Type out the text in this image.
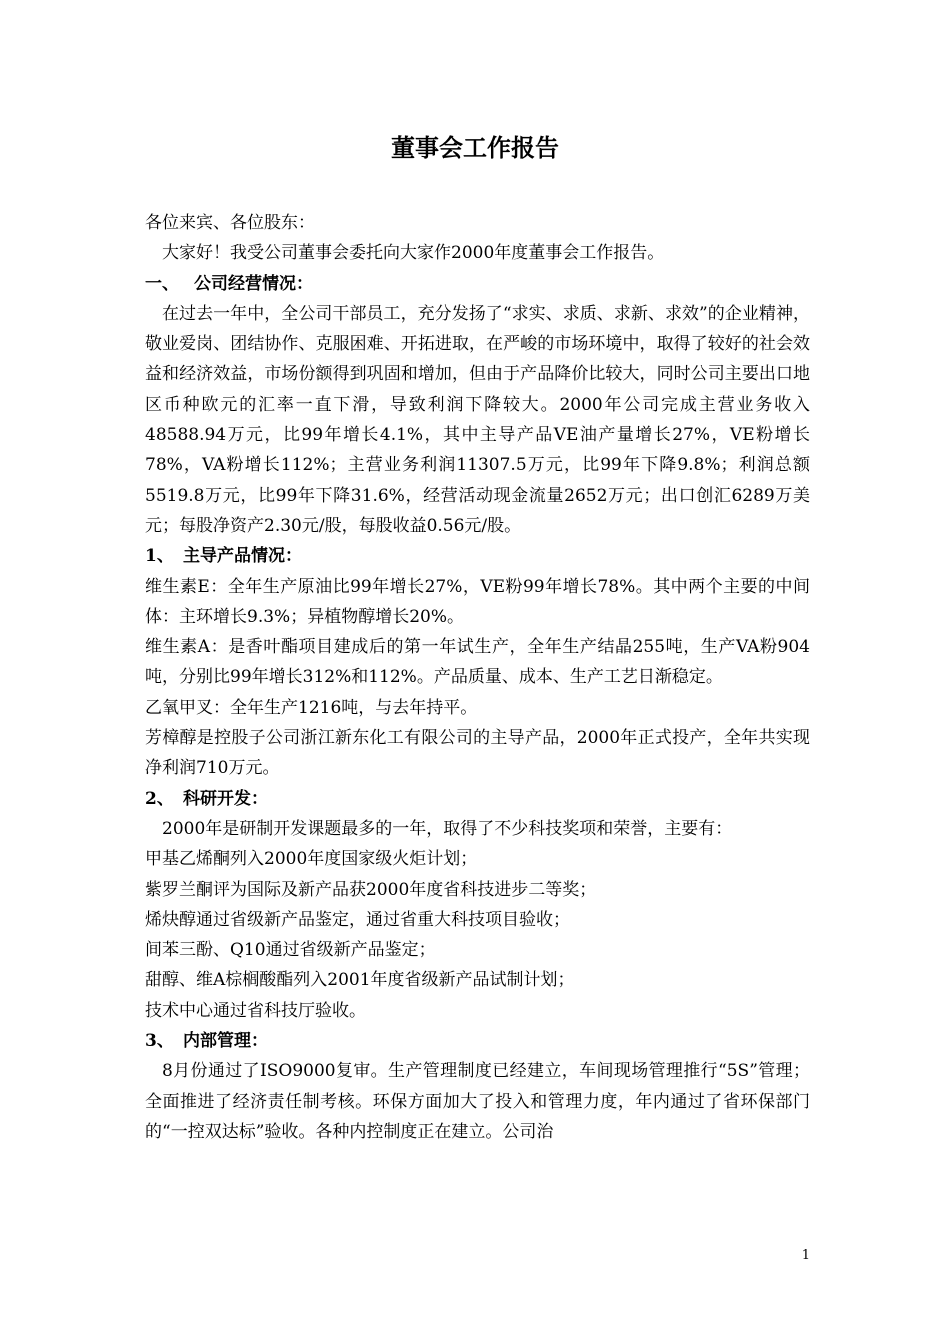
董事会工作报告

各位来宾、各位股东：

大家好！我受公司董事会委托向大家作2000年度董事会工作报告。

一、 公司经营情况：

在过去一年中，全公司干部员工，充分发扬了“求实、求质、求新、求效”的企业精神，敬业爱岗、团结协作、克服困难、开拓进取，在严峻的市场环境中，取得了较好的社会效益和经济效益，市场份额得到巩固和增加，但由于产品降价比较大，同时公司主要出口地区币种欧元的汇率一直下滑，导致利润下降较大。2000年公司完成主营业务收入48588.94万元，比99年增长4.1%，其中主导产品VE油产量增长27%，VE粉增长78%，VA粉增长112%；主营业务利润11307.5万元，比99年下降9.8%；利润总额5519.8万元，比99年下降31.6%，经营活动现金流量2652万元；出口创汇6289万美元；每股净资产2.30元/股，每股收益0.56元/股。

1、 主导产品情况：

维生素E：全年生产原油比99年增长27%，VE粉99年增长78%。其中两个主要的中间体：主环增长9.3%；异植物醇增长20%。

维生素A：是香叶酯项目建成后的第一年试生产，全年生产结晶255吨，生产VA粉904吨，分别比99年增长312%和112%。产品质量、成本、生产工艺日渐稳定。

乙氧甲叉：全年生产1216吨，与去年持平。

芳樟醇是控股子公司浙江新东化工有限公司的主导产品，2000年正式投产，全年共实现净利润710万元。

2、 科研开发：

2000年是研制开发课题最多的一年，取得了不少科技奖项和荣誉，主要有：

甲基乙烯酮列入2000年度国家级火炬计划；

紫罗兰酮评为国际及新产品获2000年度省科技进步二等奖；

烯炔醇通过省级新产品鉴定，通过省重大科技项目验收；

间苯三酚、Q10通过省级新产品鉴定；

甜醇、维A棕榈酸酯列入2001年度省级新产品试制计划；

技术中心通过省科技厅验收。

3、 内部管理：

8月份通过了ISO9000复审。生产管理制度已经建立，车间现场管理推行“5S”管理；全面推进了经济责任制考核。环保方面加大了投入和管理力度，年内通过了省环保部门的“一控双达标”验收。各种内控制度正在建立。公司治

1
